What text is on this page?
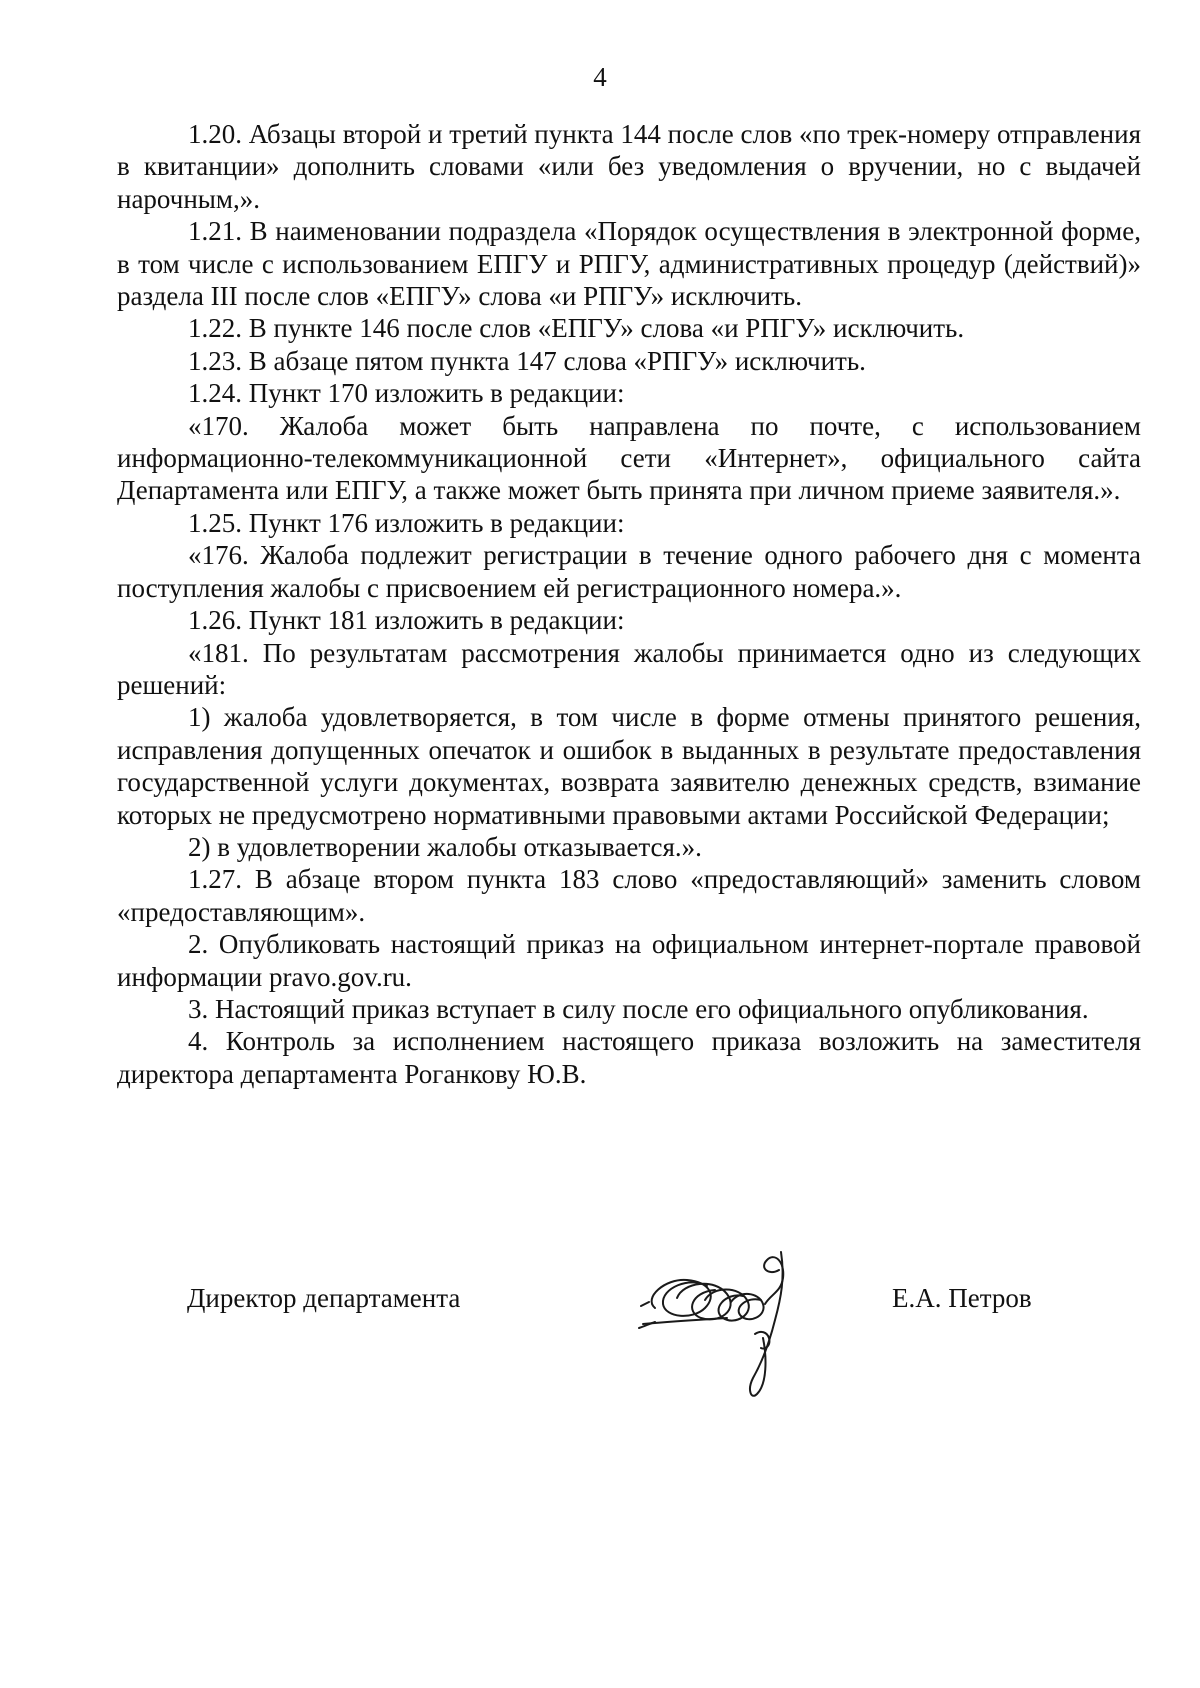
4

1.20. Абзацы второй и третий пункта 144 после слов «по трек-номеру отправления в квитанции» дополнить словами «или без уведомления о вручении, но с выдачей нарочным,».

1.21. В наименовании подраздела «Порядок осуществления в электронной форме, в том числе с использованием ЕПГУ и РПГУ, административных процедур (действий)» раздела III после слов «ЕПГУ» слова «и РПГУ» исключить.

1.22. В пункте 146 после слов «ЕПГУ» слова «и РПГУ» исключить.

1.23. В абзаце пятом пункта 147 слова «РПГУ» исключить.

1.24. Пункт 170 изложить в редакции:

«170. Жалоба может быть направлена по почте, с использованием информационно-телекоммуникационной сети «Интернет», официального сайта Департамента или ЕПГУ, а также может быть принята при личном приеме заявителя.».

1.25. Пункт 176 изложить в редакции:

«176. Жалоба подлежит регистрации в течение одного рабочего дня с момента поступления жалобы с присвоением ей регистрационного номера.».

1.26. Пункт 181 изложить в редакции:

«181. По результатам рассмотрения жалобы принимается одно из следующих решений:

1) жалоба удовлетворяется, в том числе в форме отмены принятого решения, исправления допущенных опечаток и ошибок в выданных в результате предоставления государственной услуги документах, возврата заявителю денежных средств, взимание которых не предусмотрено нормативными правовыми актами Российской Федерации;

2) в удовлетворении жалобы отказывается.».

1.27. В абзаце втором пункта 183 слово «предоставляющий» заменить словом «предоставляющим».

2. Опубликовать настоящий приказ на официальном интернет-портале правовой информации pravo.gov.ru.

3. Настоящий приказ вступает в силу после его официального опубликования.

4. Контроль за исполнением настоящего приказа возложить на заместителя директора департамента Роганкову Ю.В.

Директор департамента	Е.А. Петров
